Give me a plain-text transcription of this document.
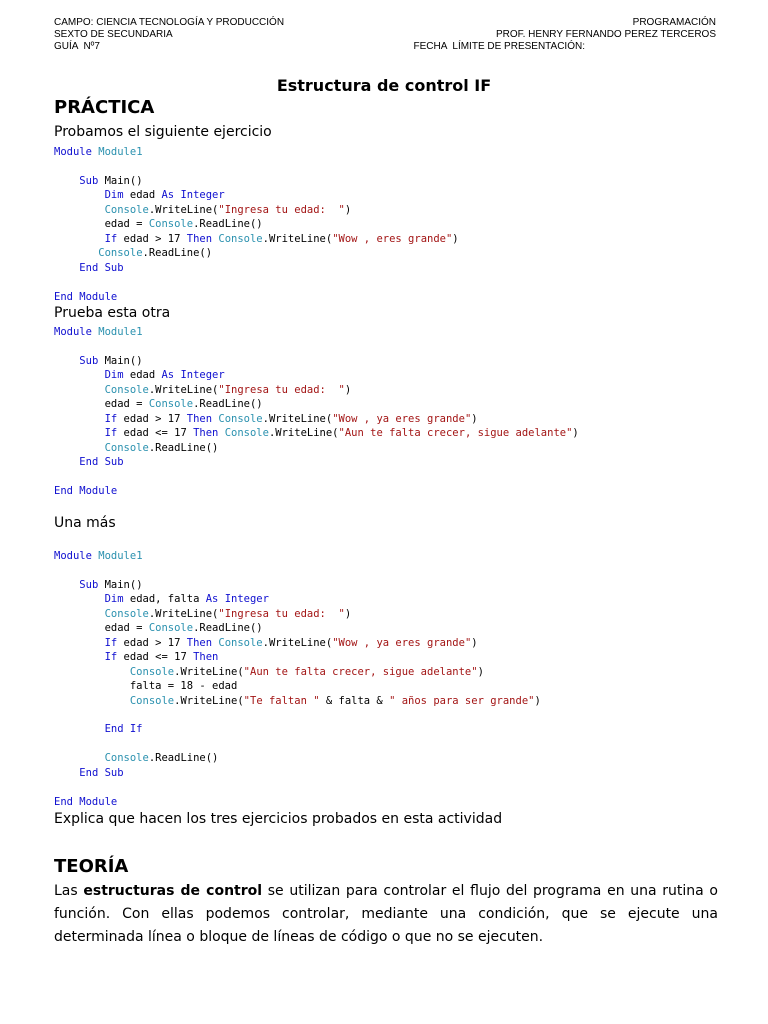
CAMPO: CIENCIA TECNOLOGÍA Y PRODUCCIÓN	PROGRAMACIÓN
SEXTO DE SECUNDARIA	PROF. HENRY FERNANDO PEREZ TERCEROS
GUÍA  Nº7	FECHA  LÍMITE DE PRESENTACIÓN:
Estructura de control IF
PRÁCTICA
Probamos el siguiente ejercicio
Module Module1

Sub Main()
Dim edad As Integer
Console.WriteLine("Ingresa tu edad:  ")
edad = Console.ReadLine()
If edad > 17 Then Console.WriteLine("Wow , eres grande")
Console.ReadLine()
End Sub

End Module
Prueba esta otra
Module Module1

Sub Main()
Dim edad As Integer
Console.WriteLine("Ingresa tu edad:  ")
edad = Console.ReadLine()
If edad > 17 Then Console.WriteLine("Wow , ya eres grande")
If edad <= 17 Then Console.WriteLine("Aun te falta crecer, sigue adelante")
Console.ReadLine()
End Sub

End Module
Una más
Module Module1

Sub Main()
Dim edad, falta As Integer
Console.WriteLine("Ingresa tu edad:  ")
edad = Console.ReadLine()
If edad > 17 Then Console.WriteLine("Wow , ya eres grande")
If edad <= 17 Then
Console.WriteLine("Aun te falta crecer, sigue adelante")
falta = 18 - edad
Console.WriteLine("Te faltan " & falta & " años para ser grande")

End If

Console.ReadLine()
End Sub

End Module
Explica que hacen los tres ejercicios probados en esta actividad
TEORÍA
Las estructuras de control se utilizan para controlar el flujo del programa en una rutina o función. Con ellas podemos controlar, mediante una condición, que se ejecute una determinada línea o bloque de líneas de código o que no se ejecuten.
